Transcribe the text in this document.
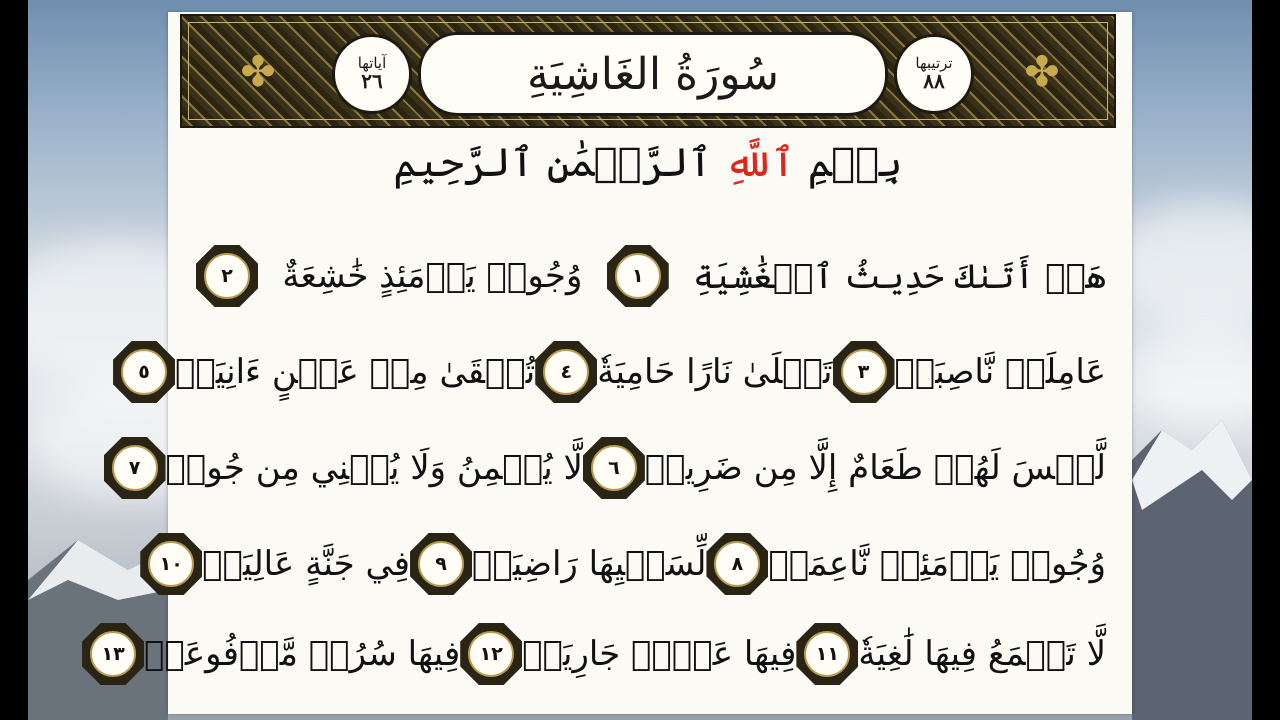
✤	✤
آياتها
٢٦	سُورَةُ الغَاشِيَةِ	ترتيبها
٨٨
بِسۡمِ ٱللَّهِ ٱلرَّحۡمَٰنِ ٱلرَّحِيمِ
هَلۡ أَتَىٰكَ حَدِيثُ ٱلۡغَٰشِيَةِ
١
وُجُوهٞ يَوۡمَئِذٍ خَٰشِعَةٌ
٢
عَامِلَةٞ نَّاصِبَةٞ
٣
تَصۡلَىٰ نَارًا حَامِيَةٗ
٤
تُسۡقَىٰ مِنۡ عَيۡنٍ ءَانِيَةٖ
٥
لَّيۡسَ لَهُمۡ طَعَامٌ إِلَّا مِن ضَرِيعٖ
٦
لَّا يُسۡمِنُ وَلَا يُغۡنِي مِن جُوعٖ
٧
وُجُوهٞ يَوۡمَئِذٖ نَّاعِمَةٞ
٨
لِّسَعۡيِهَا رَاضِيَةٞ
٩
فِي جَنَّةٍ عَالِيَةٖ
١٠
لَّا تَسۡمَعُ فِيهَا لَٰغِيَةٗ
١١
فِيهَا عَيۡنٞ جَارِيَةٞ
١٢
فِيهَا سُرُرٞ مَّرۡفُوعَةٞ
١٣
